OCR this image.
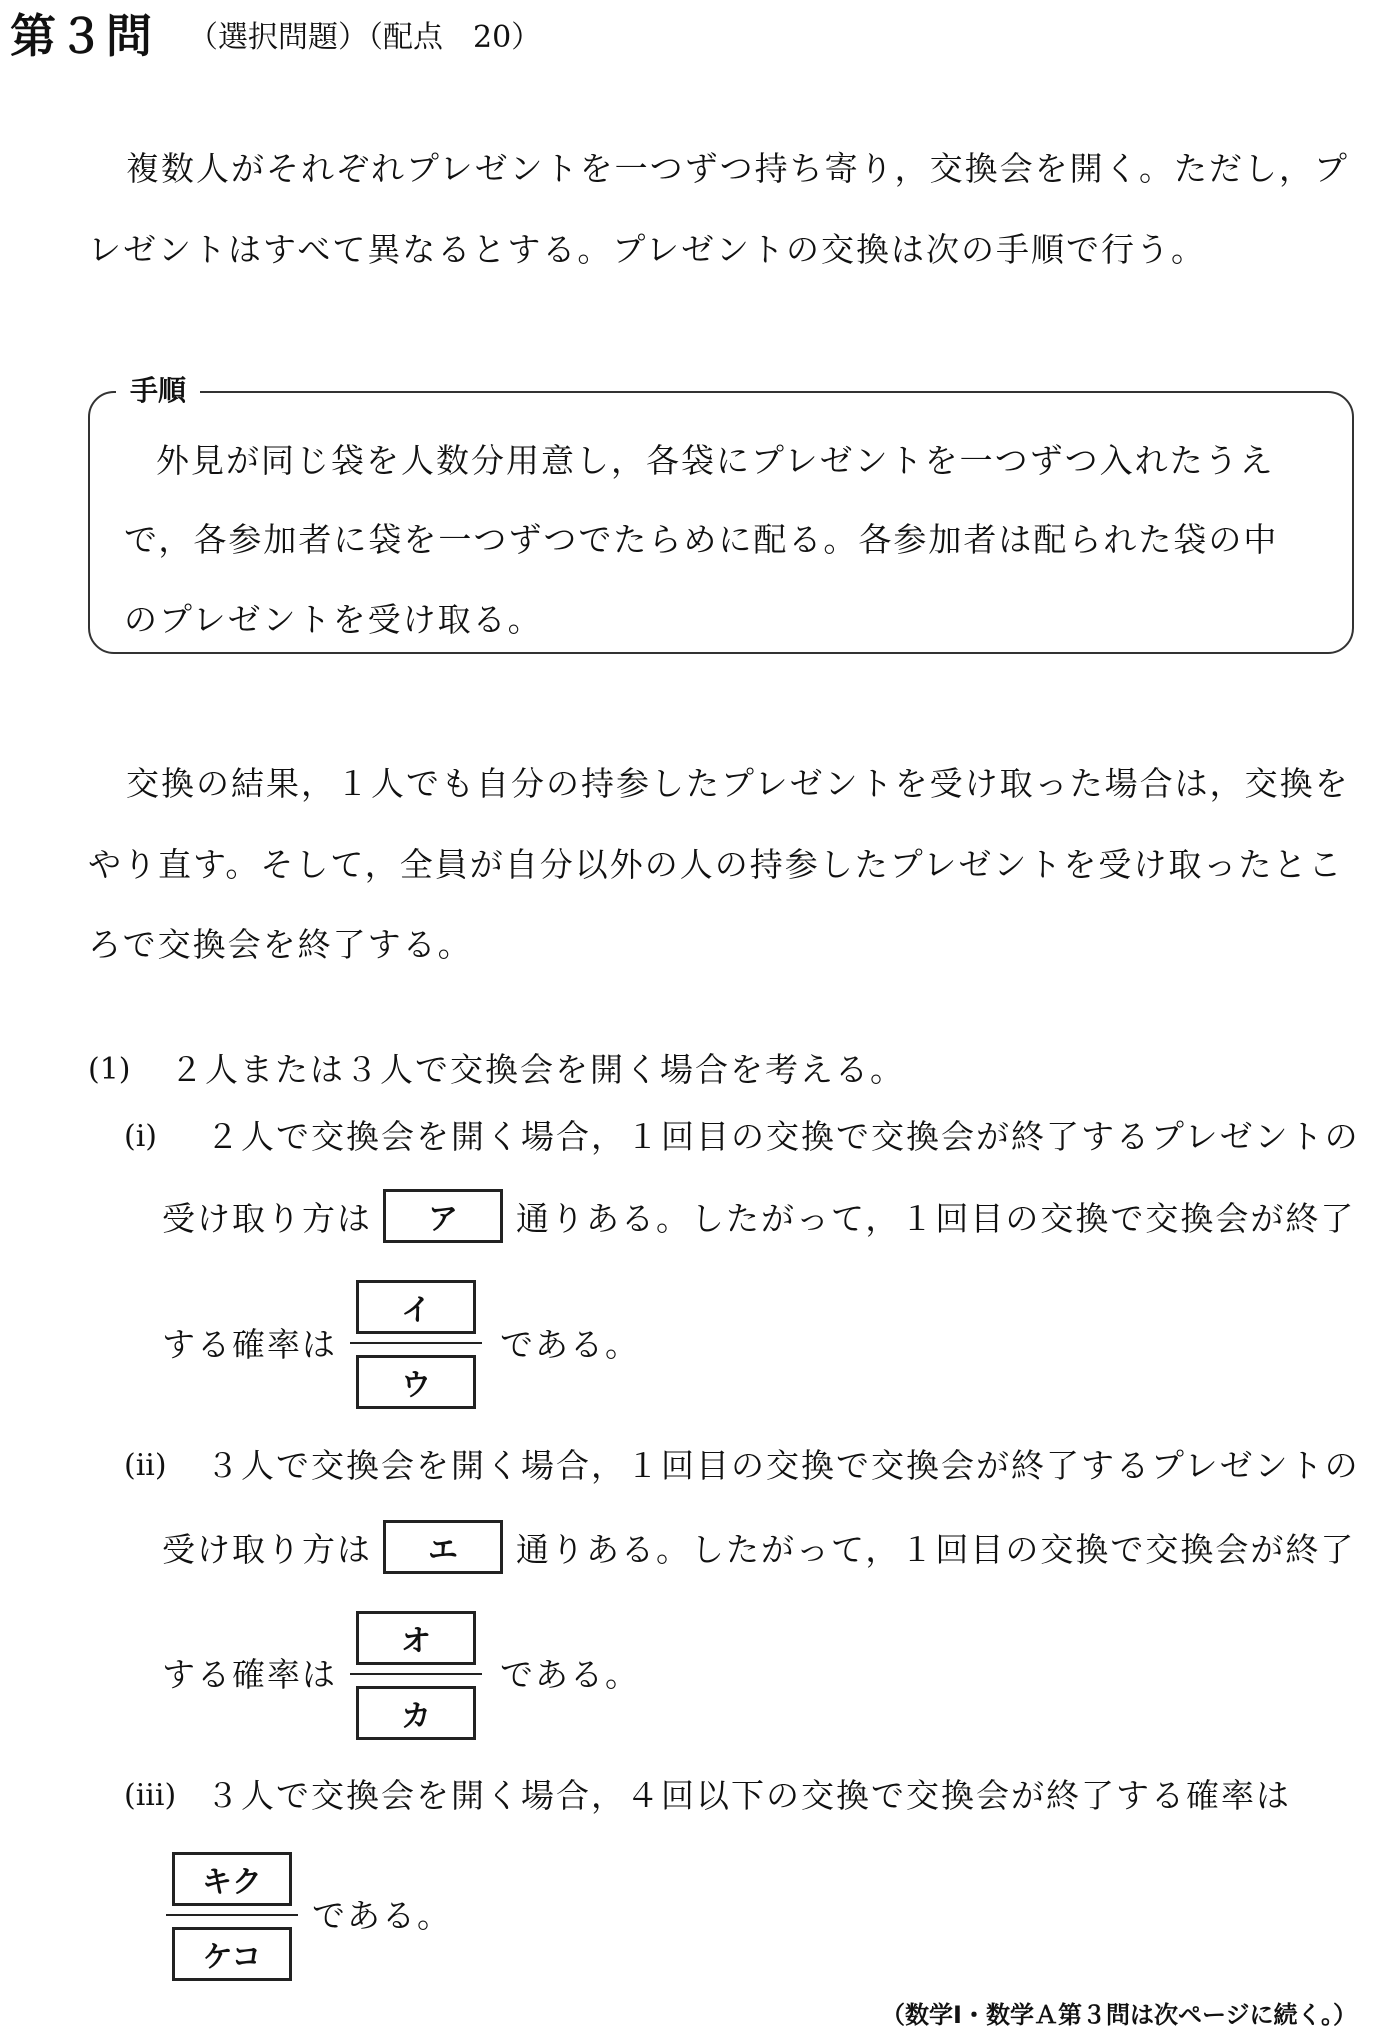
第３問 （選択問題）（配点　20）
複数人がそれぞれプレゼントを一つずつ持ち寄り，交換会を開く。ただし，プ
レゼントはすべて異なるとする。プレゼントの交換は次の手順で行う。
手順
外見が同じ袋を人数分用意し，各袋にプレゼントを一つずつ入れたうえ
で，各参加者に袋を一つずつでたらめに配る。各参加者は配られた袋の中
のプレゼントを受け取る。
交換の結果，１人でも自分の持参したプレゼントを受け取った場合は，交換を
やり直す。そして，全員が自分以外の人の持参したプレゼントを受け取ったとこ
ろで交換会を終了する。
(1) ２人または３人で交換会を開く場合を考える。
(i) ２人で交換会を開く場合，１回目の交換で交換会が終了するプレゼントの
受け取り方は	ア	通りある。したがって，１回目の交換で交換会が終了
する確率は
イ
ウ
である。
(ii) ３人で交換会を開く場合，１回目の交換で交換会が終了するプレゼントの
受け取り方は	エ	通りある。したがって，１回目の交換で交換会が終了
する確率は
オ
カ
である。
(iii) ３人で交換会を開く場合，４回以下の交換で交換会が終了する確率は
キク
ケコ
である。
（数学Ⅰ・数学Ａ第３問は次ページに続く。）
